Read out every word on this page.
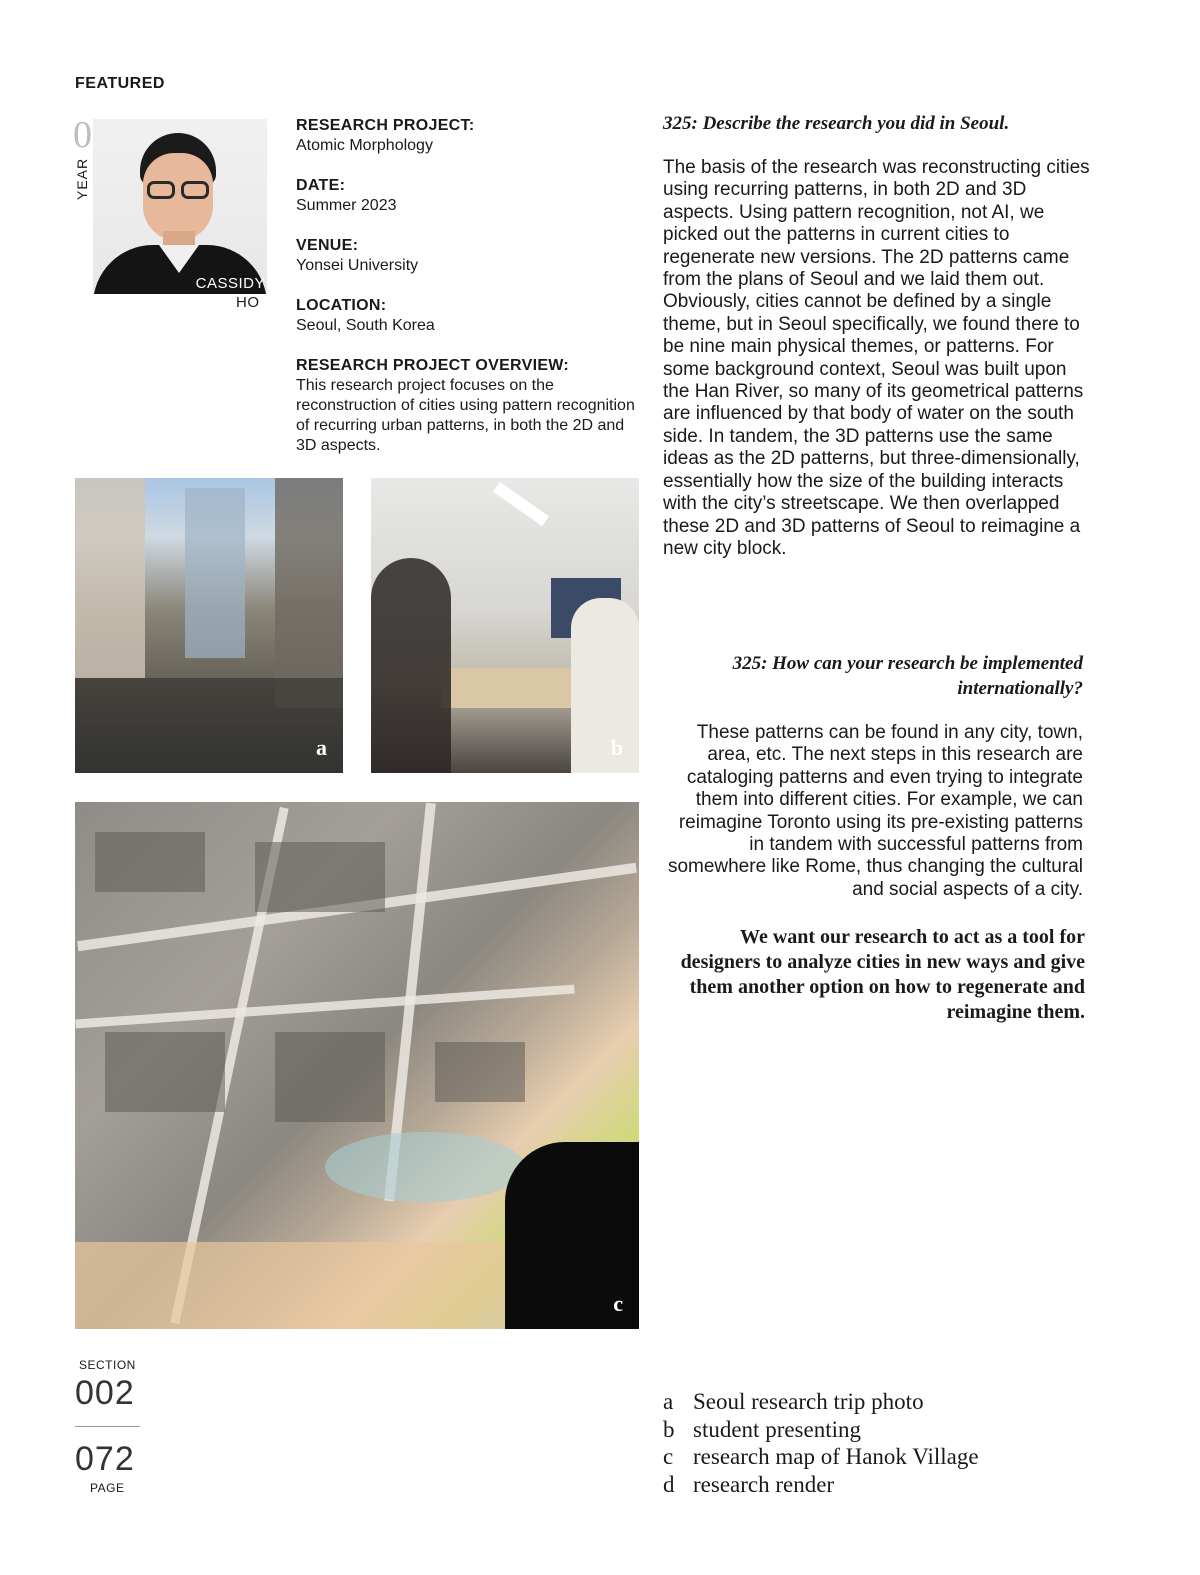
FEATURED
0
YEAR
CASSIDY
HO
RESEARCH PROJECT:
Atomic Morphology
DATE:
Summer 2023
VENUE:
Yonsei University
LOCATION:
Seoul, South Korea
RESEARCH PROJECT OVERVIEW:
This research project focuses on the reconstruction of cities using pattern recognition of recurring urban patterns, in both the 2D and 3D aspects.
a	b
c
325: Describe the research you did in Seoul.
The basis of the research was reconstructing cities using recurring patterns, in both 2D and 3D aspects. Using pattern recognition, not AI, we picked out the patterns in current cities to regenerate new versions. The 2D patterns came from the plans of Seoul and we laid them out. Obviously, cities cannot be defined by a single theme, but in Seoul specifically, we found there to be nine main physical themes, or patterns. For some background context, Seoul was built upon the Han River, so many of its geometrical patterns are influenced by that body of water on the south side. In tandem, the 3D patterns use the same ideas as the 2D patterns, but three-dimensionally, essentially how the size of the building interacts with the city’s streetscape. We then overlapped these 2D and 3D patterns of Seoul to reimagine a new city block.
325: How can your research be implemented internationally?
These patterns can be found in any city, town, area, etc. The next steps in this research are cataloging patterns and even trying to integrate them into different cities. For example, we can reimagine Toronto using its pre-existing patterns in tandem with successful patterns from somewhere like Rome, thus changing the cultural and social aspects of a city.
We want our research to act as a tool for designers to analyze cities in new ways and give them another option on how to regenerate and reimagine them.
SECTION
002
072
PAGE
a Seoul research trip photo
b student presenting
c research map of Hanok Village
d research render
